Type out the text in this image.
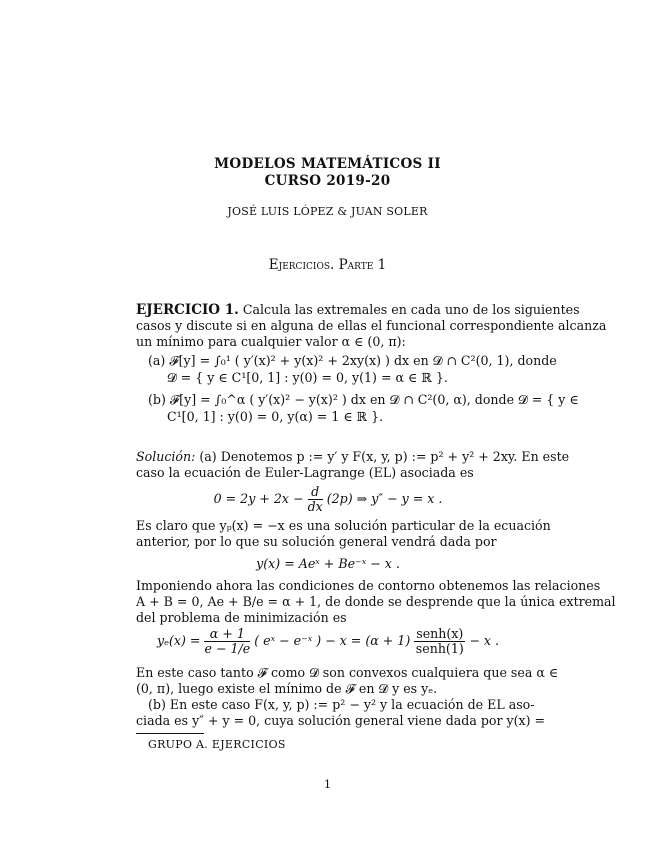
MODELOS MATEMÁTICOS II
CURSO 2019-20
JOSÉ LUIS LÓPEZ & JUAN SOLER
Ejercicios. Parte 1
EJERCICIO 1. Calcula las extremales en cada uno de los siguientes
casos y discute si en alguna de ellas el funcional correspondiente alcanza
un mínimo para cualquier valor α ∈ (0, π):
(a) 𝓕[y] = ∫₀¹ ( y′(x)² + y(x)² + 2xy(x) ) dx en 𝓓 ∩ C²(0, 1), donde
𝓓 = { y ∈ C¹[0, 1] : y(0) = 0, y(1) = α ∈ ℝ }.
(b) 𝓕[y] = ∫₀^α ( y′(x)² − y(x)² ) dx en 𝓓 ∩ C²(0, α), donde 𝓓 = { y ∈
C¹[0, 1] : y(0) = 0, y(α) = 1 ∈ ℝ }.
Solución: (a) Denotemos p := y′ y F(x, y, p) := p² + y² + 2xy. En este
caso la ecuación de Euler-Lagrange (EL) asociada es
$0 = 2y + 2x - \frac{d}{dx} (2p)$ ⇒ y″ − y = x .
Es claro que yₚ(x) = −x es una solución particular de la ecuación
anterior, por lo que su solución general vendrá dada por
y(x) = Aeˣ + Be⁻ˣ − x .
Imponiendo ahora las condiciones de contorno obtenemos las relaciones
A + B = 0, Ae + B/e = α + 1, de donde se desprende que la única extremal
del problema de minimización es
$y_e(x) = \frac{\alpha + 1}{e - 1/e}$ ( eˣ − e⁻ˣ ) − $x = (\alpha + 1) \frac{\text{senh(x)}}{\text{senh(1)}} - x$ .
En este caso tanto 𝓕 como 𝓓 son convexos cualquiera que sea α ∈
(0, π), luego existe el mínimo de 𝓕 en 𝓓 y es yₑ.
(b) En este caso F(x, y, p) := p² − y² y la ecuación de EL aso-
ciada es y″ + y = 0, cuya solución general viene dada por y(x) =
GRUPO A. EJERCICIOS
1
